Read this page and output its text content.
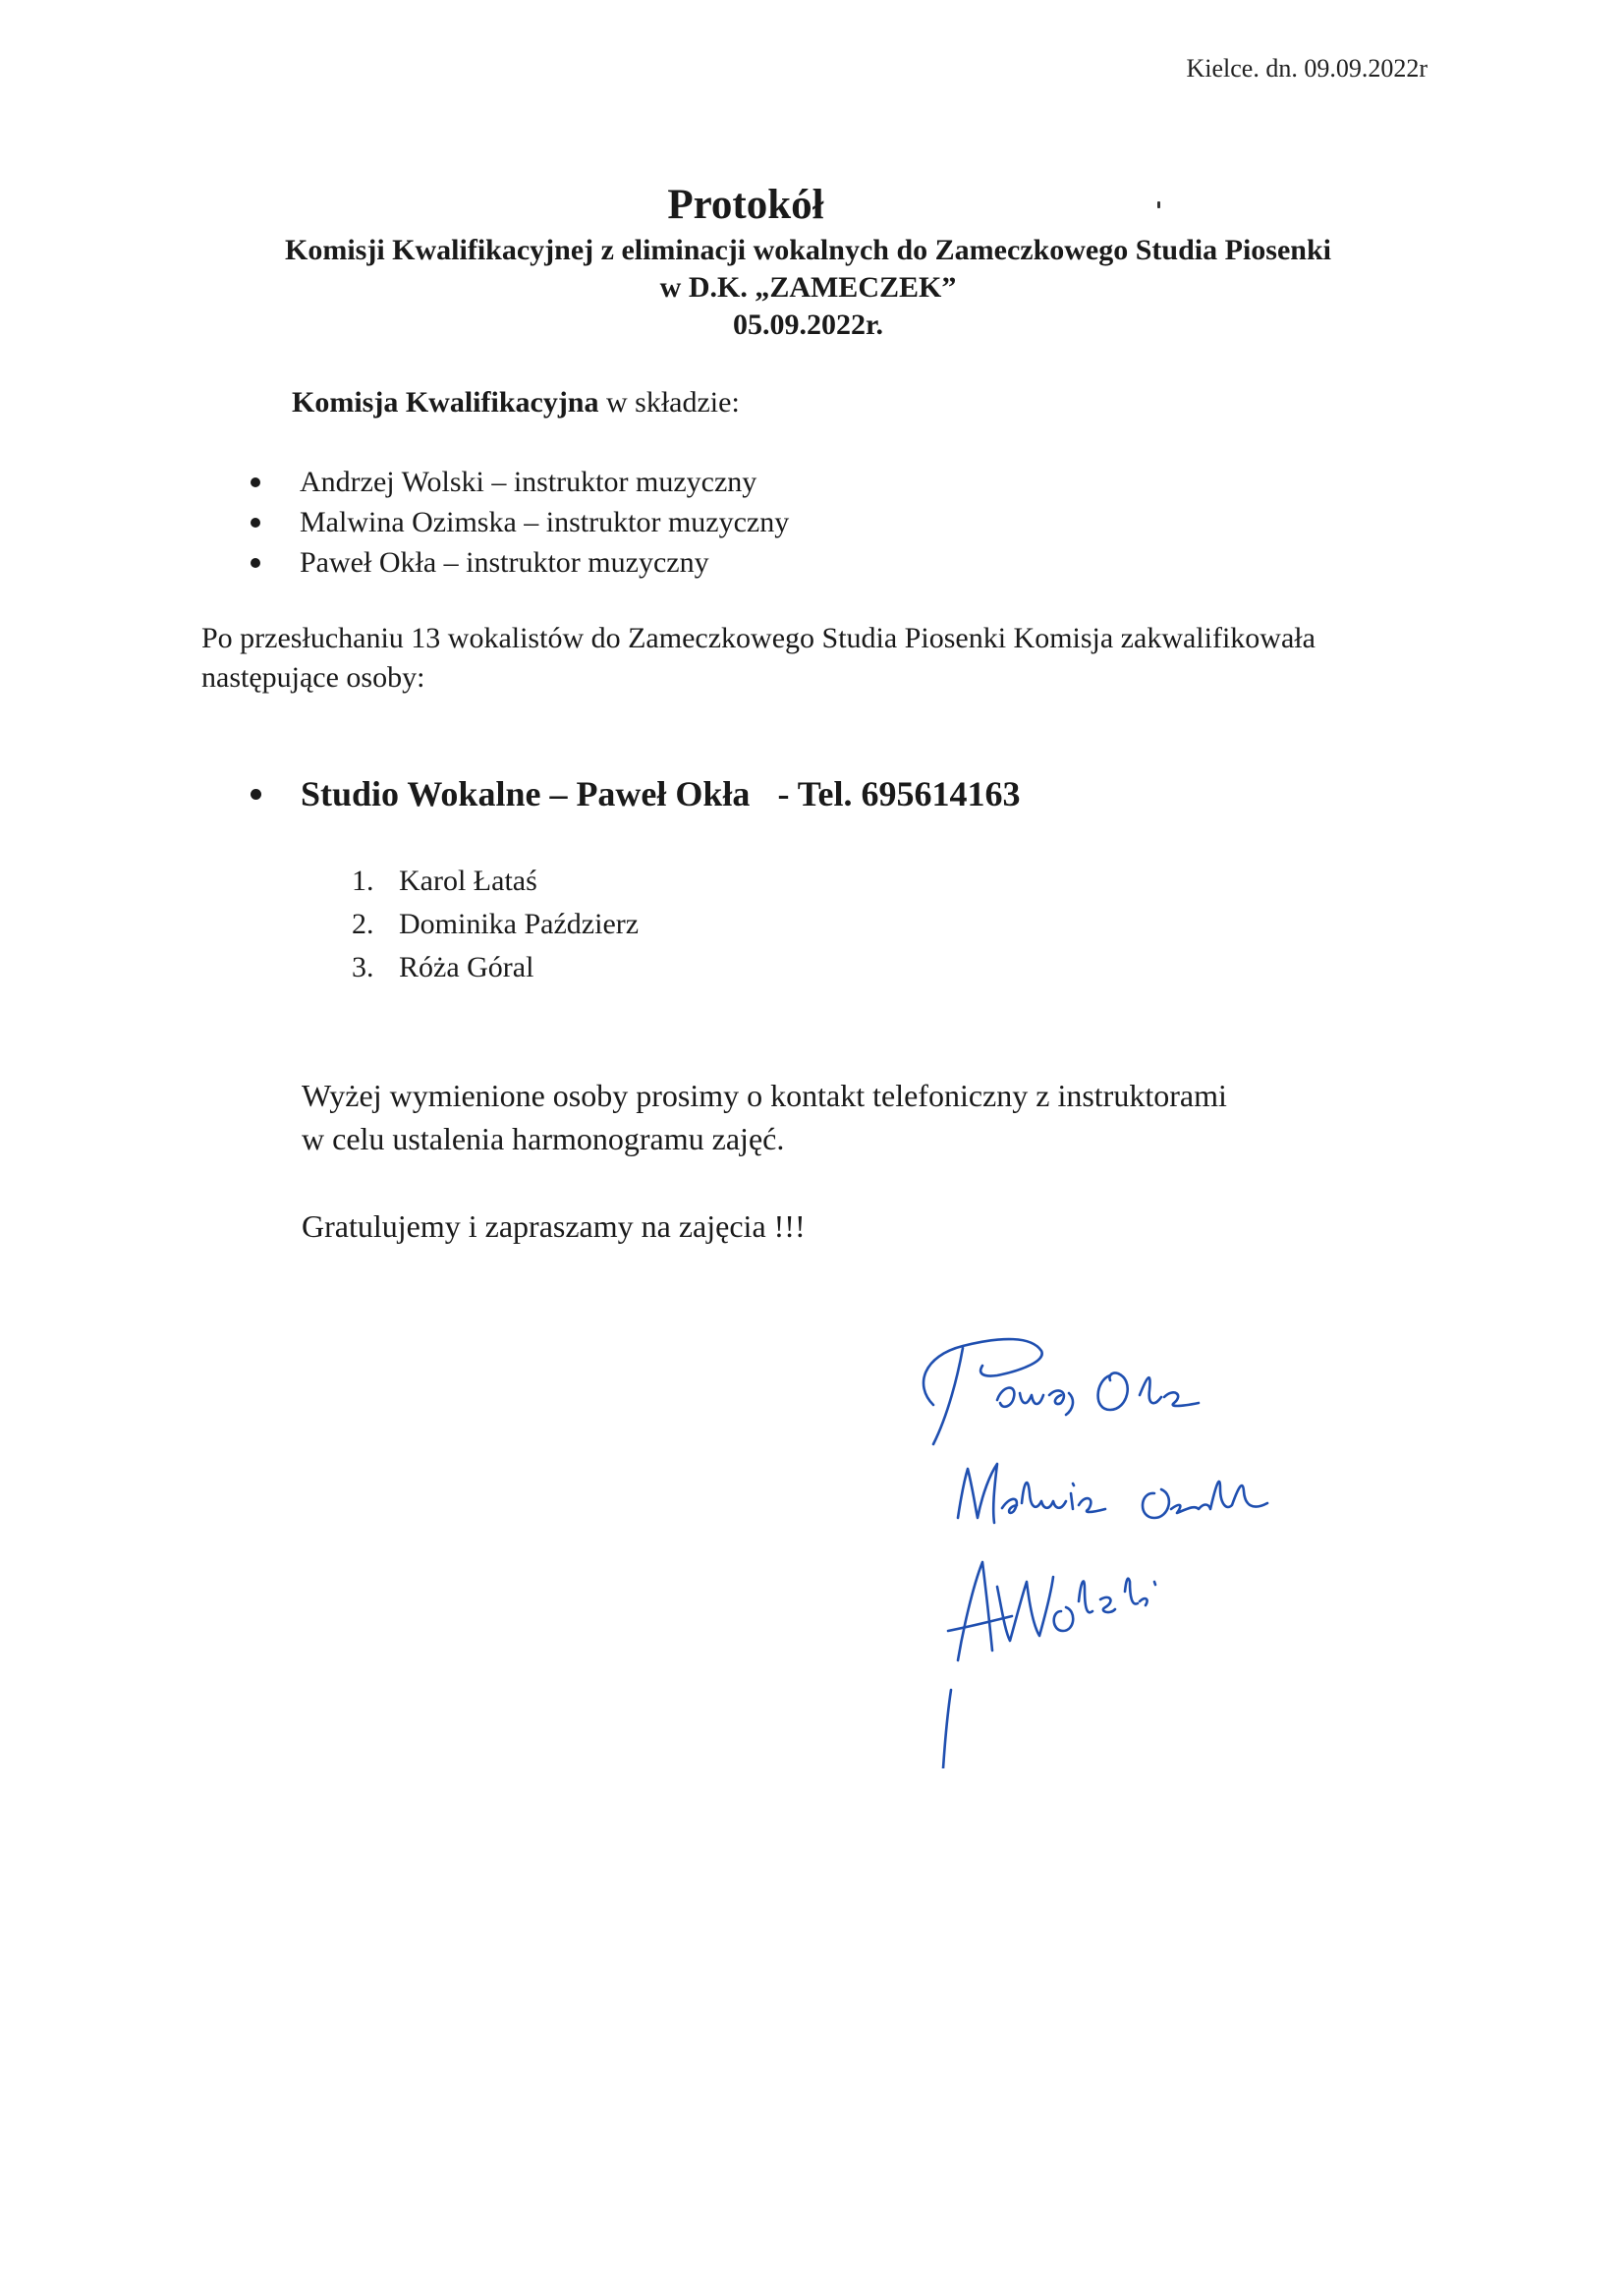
Kielce. dn. 09.09.2022r
Protokół
Komisji Kwalifikacyjnej z eliminacji wokalnych do Zameczkowego Studia Piosenki
w D.K. „ZAMECZEK”
05.09.2022r.
Komisja Kwalifikacyjna w składzie:
Andrzej Wolski – instruktor muzyczny
Malwina Ozimska – instruktor muzyczny
Paweł Okła – instruktor muzyczny
Po przesłuchaniu 13 wokalistów do Zameczkowego Studia Piosenki Komisja zakwalifikowała
następujące osoby:
Studio Wokalne – Paweł Okła - Tel. 695614163
1. Karol Łataś
2. Dominika Paździerz
3. Róża Góral
Wyżej wymienione osoby prosimy o kontakt telefoniczny z instruktorami
w celu ustalenia harmonogramu zajęć.
Gratulujemy i zapraszamy na zajęcia !!!
